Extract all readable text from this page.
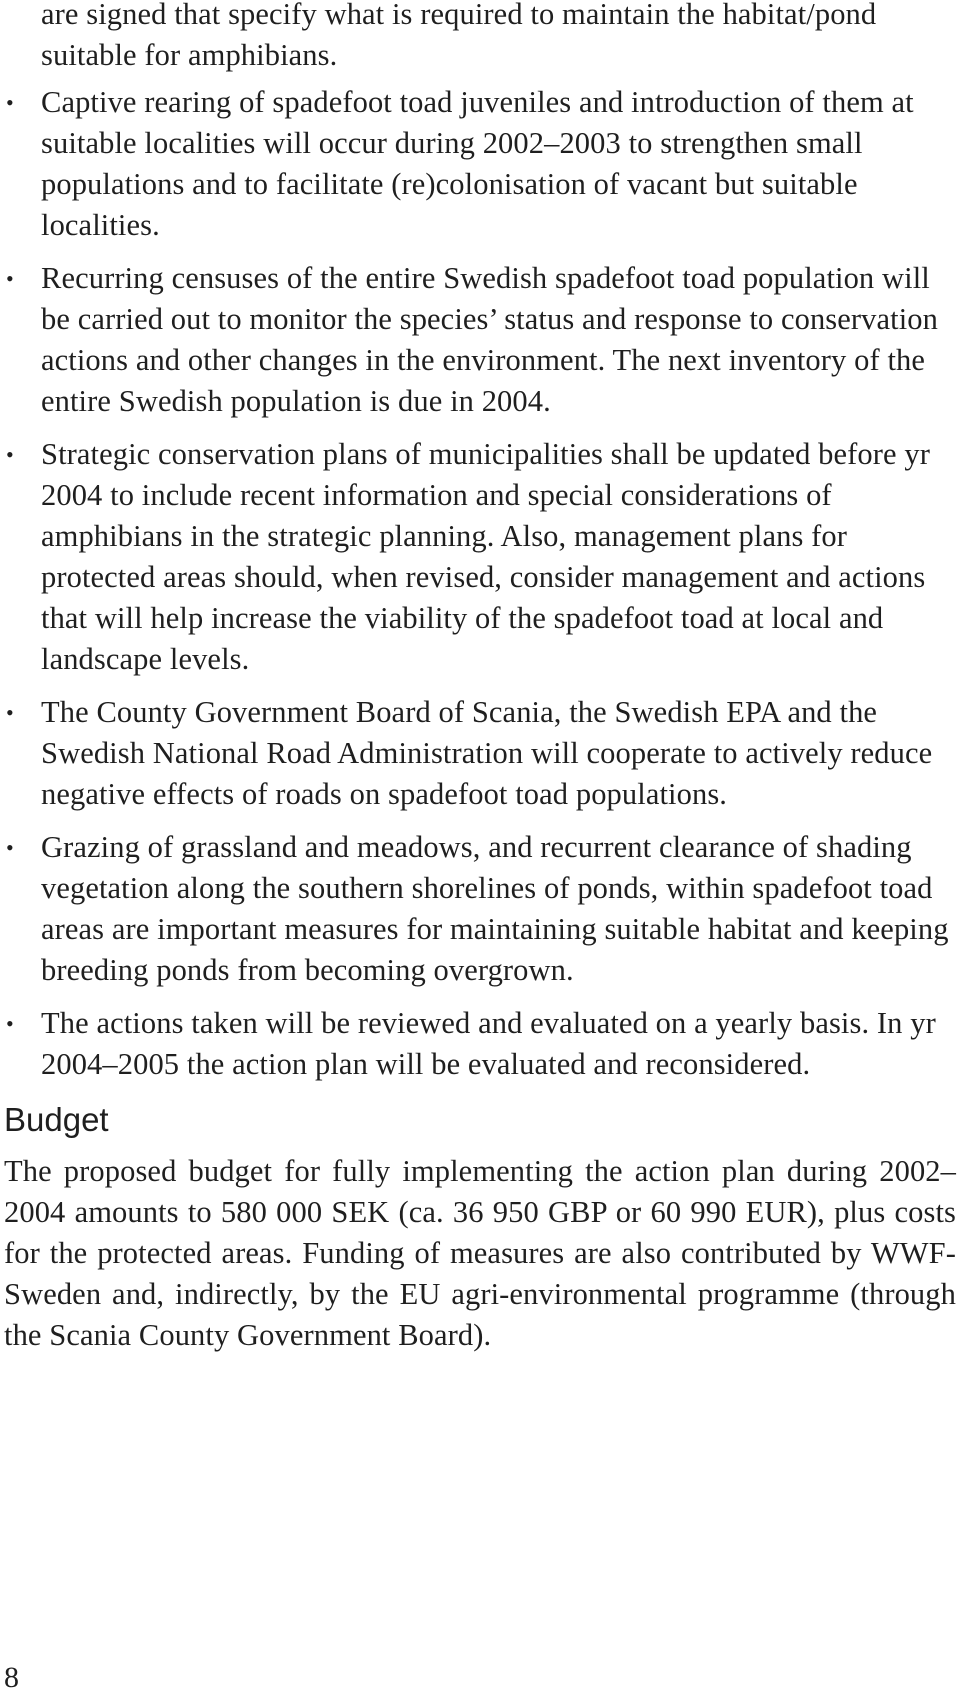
are signed that specify what is required to maintain the habitat/pond suitable for amphibians.
• Captive rearing of spadefoot toad juveniles and introduction of them at suitable localities will occur during 2002–2003 to strengthen small populations and to facilitate (re)colonisation of vacant but suitable localities.
• Recurring censuses of the entire Swedish spadefoot toad population will be carried out to monitor the species’ status and response to conservation actions and other changes in the environment. The next inventory of the entire Swedish population is due in 2004.
• Strategic conservation plans of municipalities shall be updated before yr 2004 to include recent information and special considerations of amphibians in the strategic planning. Also, management plans for protected areas should, when revised, consider management and actions that will help increase the viability of the spadefoot toad at local and landscape levels.
• The County Government Board of Scania, the Swedish EPA and the Swedish National Road Administration will cooperate to actively reduce negative effects of roads on spadefoot toad populations.
• Grazing of grassland and meadows, and recurrent clearance of shading vegetation along the southern shorelines of ponds, within spadefoot toad areas are important measures for maintaining suitable habitat and keeping breeding ponds from becoming overgrown.
• The actions taken will be reviewed and evaluated on a yearly basis. In yr 2004–2005 the action plan will be evaluated and reconsidered.
Budget

The proposed budget for fully implementing the action plan during 2002–2004 amounts to 580 000 SEK (ca. 36 950 GBP or 60 990 EUR), plus costs for the protected areas. Funding of measures are also contributed by WWF-Sweden and, indirectly, by the EU agri-environmental programme (through the Scania County Government Board).

8
